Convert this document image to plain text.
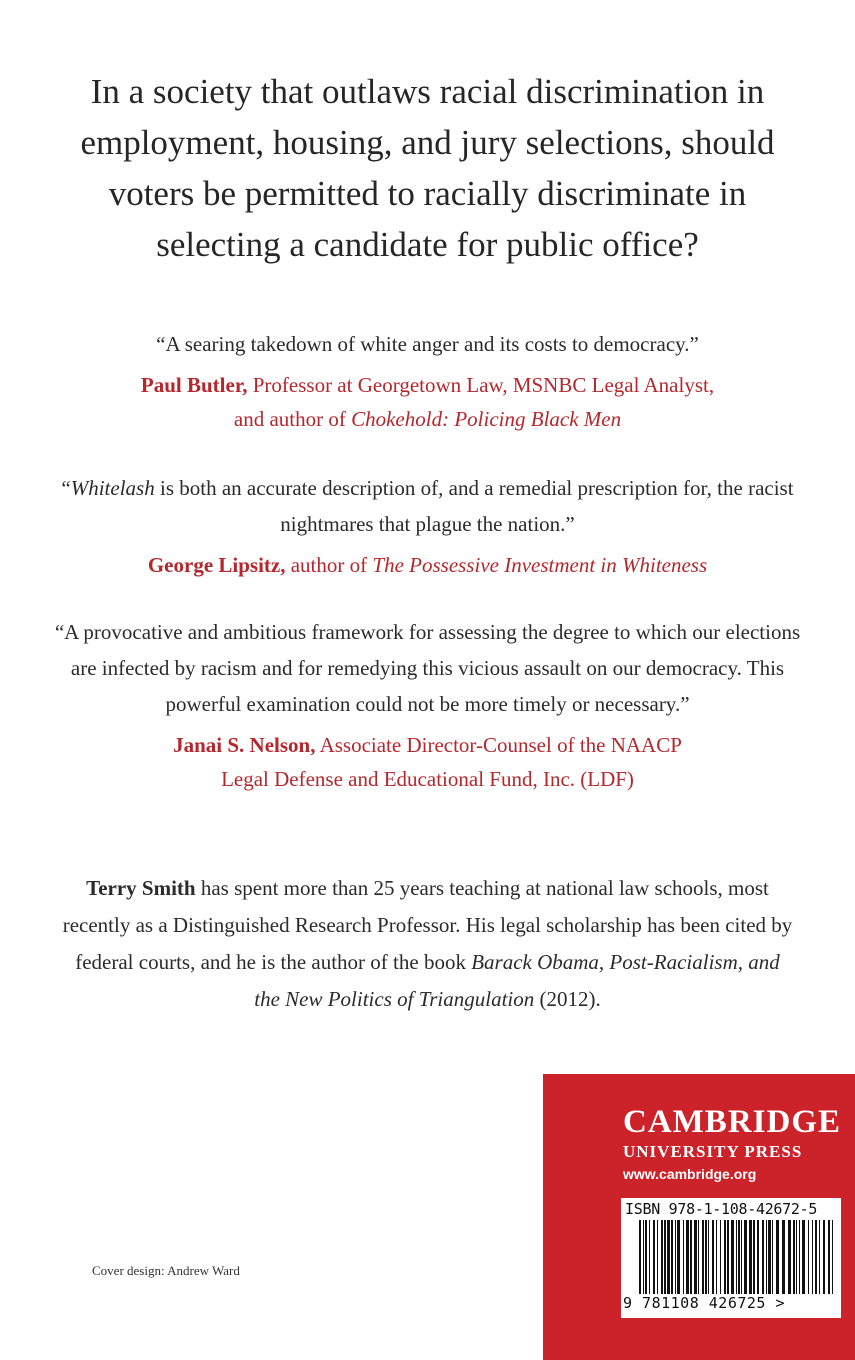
In a society that outlaws racial discrimination in employment, housing, and jury selections, should voters be permitted to racially discriminate in selecting a candidate for public office?
“A searing takedown of white anger and its costs to democracy.”
Paul Butler, Professor at Georgetown Law, MSNBC Legal Analyst,
and author of Chokehold: Policing Black Men
“Whitelash is both an accurate description of, and a remedial prescription for, the racist nightmares that plague the nation.”
George Lipsitz, author of The Possessive Investment in Whiteness
“A provocative and ambitious framework for assessing the degree to which our elections are infected by racism and for remedying this vicious assault on our democracy. This powerful examination could not be more timely or necessary.”
Janai S. Nelson, Associate Director-Counsel of the NAACP
Legal Defense and Educational Fund, Inc. (LDF)
Terry Smith has spent more than 25 years teaching at national law schools, most recently as a Distinguished Research Professor. His legal scholarship has been cited by federal courts, and he is the author of the book Barack Obama, Post-Racialism, and the New Politics of Triangulation (2012).
Cover design: Andrew Ward
CAMBRIDGE
UNIVERSITY PRESS
www.cambridge.org
ISBN 978-1-108-42672-5
9 781108 426725 >
